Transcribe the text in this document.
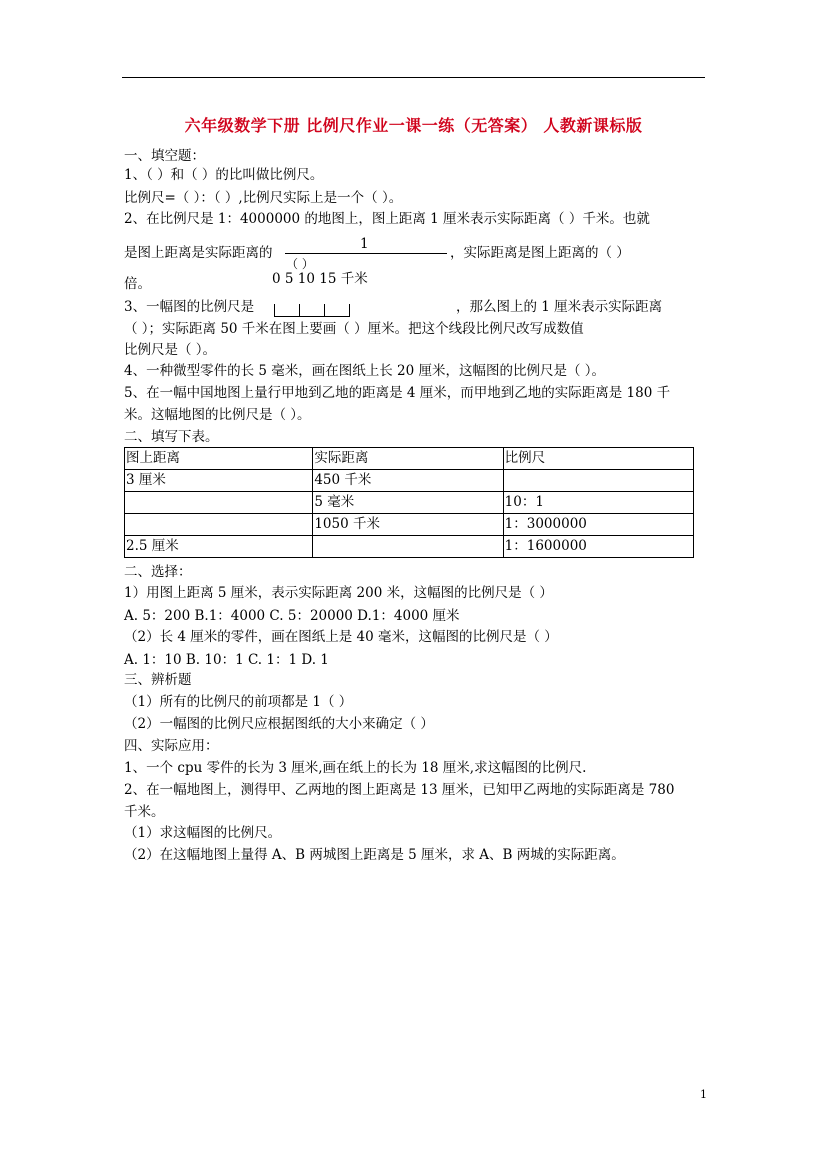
六年级数学下册 比例尺作业一课一练（无答案） 人教新课标版
一、填空题：
1、（ ）和（ ）的比叫做比例尺。
比例尺=（ ）：（ ）,比例尺实际上是一个（ ）。
2、在比例尺是 1：4000000 的地图上，图上距离 1 厘米表示实际距离（ ）千米。也就
是图上距离是实际距离的
1
（ ）
，实际距离是图上距离的（ ）
倍。	0 5 10 15 千米
3、一幅图的比例尺是	，那么图上的 1 厘米表示实际距离
（ ）；实际距离 50 千米在图上要画（ ）厘米。把这个线段比例尺改写成数值
比例尺是（ ）。
4、一种微型零件的长 5 毫米，画在图纸上长 20 厘米，这幅图的比例尺是（ ）。
5、在一幅中国地图上量行甲地到乙地的距离是 4 厘米，而甲地到乙地的实际距离是 180 千
米。这幅地图的比例尺是（ ）。
二、填写下表。
图上距离	实际距离	比例尺
3 厘米	450 千米	
	5 毫米	10：1
	1050 千米	1：3000000
2.5 厘米		1：1600000
二、选择：
1）用图上距离 5 厘米，表示实际距离 200 米，这幅图的比例尺是（ ）
A. 5：200 B.1：4000 C. 5：20000 D.1：4000 厘米
（2）长 4 厘米的零件，画在图纸上是 40 毫米，这幅图的比例尺是（ ）
A. 1：10 B. 10：1 C. 1：1 D. 1
三、辨析题
（1）所有的比例尺的前项都是 1（ ）
（2）一幅图的比例尺应根据图纸的大小来确定（ ）
四、实际应用：
1、一个 cpu 零件的长为 3 厘米,画在纸上的长为 18 厘米,求这幅图的比例尺.
2、在一幅地图上，测得甲、乙两地的图上距离是 13 厘米，已知甲乙两地的实际距离是 780
千米。
（1）求这幅图的比例尺。
（2）在这幅地图上量得 A、B 两城图上距离是 5 厘米，求 A、B 两城的实际距离。
1
